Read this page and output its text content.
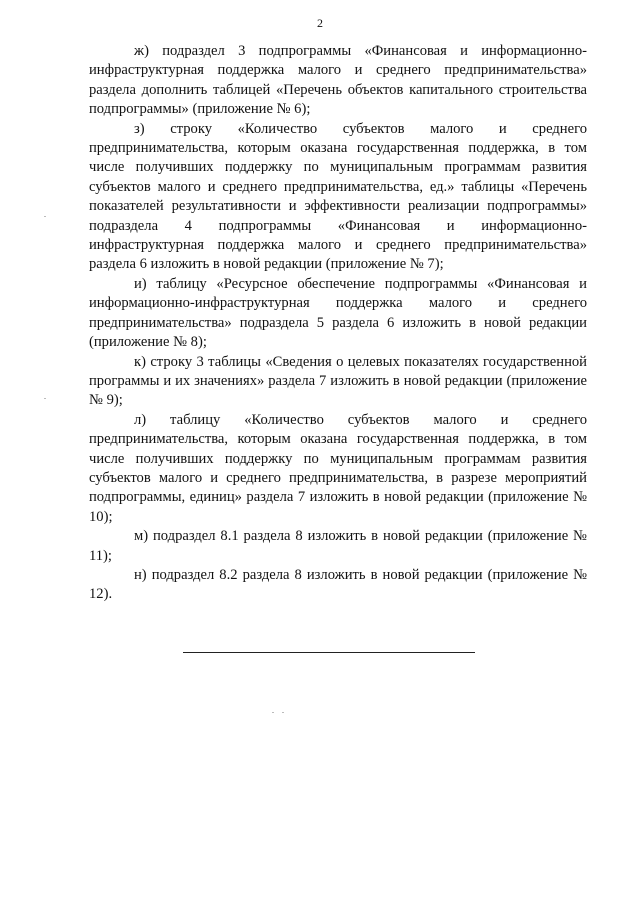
2

ж) подраздел 3 подпрограммы «Финансовая и информационно-инфраструктурная поддержка малого и среднего предпринимательства» раздела дополнить таблицей «Перечень объектов капитального строительства подпрограммы» (приложение № 6);

з) строку «Количество субъектов малого и среднего предпринимательства, которым оказана государственная поддержка, в том числе получивших поддержку по муниципальным программам развития субъектов малого и среднего предпринимательства, ед.» таблицы «Перечень показателей результативности и эффективности реализации подпрограммы» подраздела 4 подпрограммы «Финансовая и информационно-инфраструктурная поддержка малого и среднего предпринимательства» раздела 6 изложить в новой редакции (приложение № 7);

и) таблицу «Ресурсное обеспечение подпрограммы «Финансовая и информационно-инфраструктурная поддержка малого и среднего предпринимательства» подраздела 5 раздела 6 изложить в новой редакции (приложение № 8);

к) строку 3 таблицы «Сведения о целевых показателях государственной программы и их значениях» раздела 7 изложить в новой редакции (приложение № 9);

л) таблицу «Количество субъектов малого и среднего предпринимательства, которым оказана государственная поддержка, в том числе получивших поддержку по муниципальным программам развития субъектов малого и среднего предпринимательства, в разрезе мероприятий подпрограммы, единиц» раздела 7 изложить в новой редакции (приложение № 10);

м) подраздел 8.1 раздела 8 изложить в новой редакции (приложение № 11);

н) подраздел 8.2 раздела 8 изложить в новой редакции (приложение № 12).
